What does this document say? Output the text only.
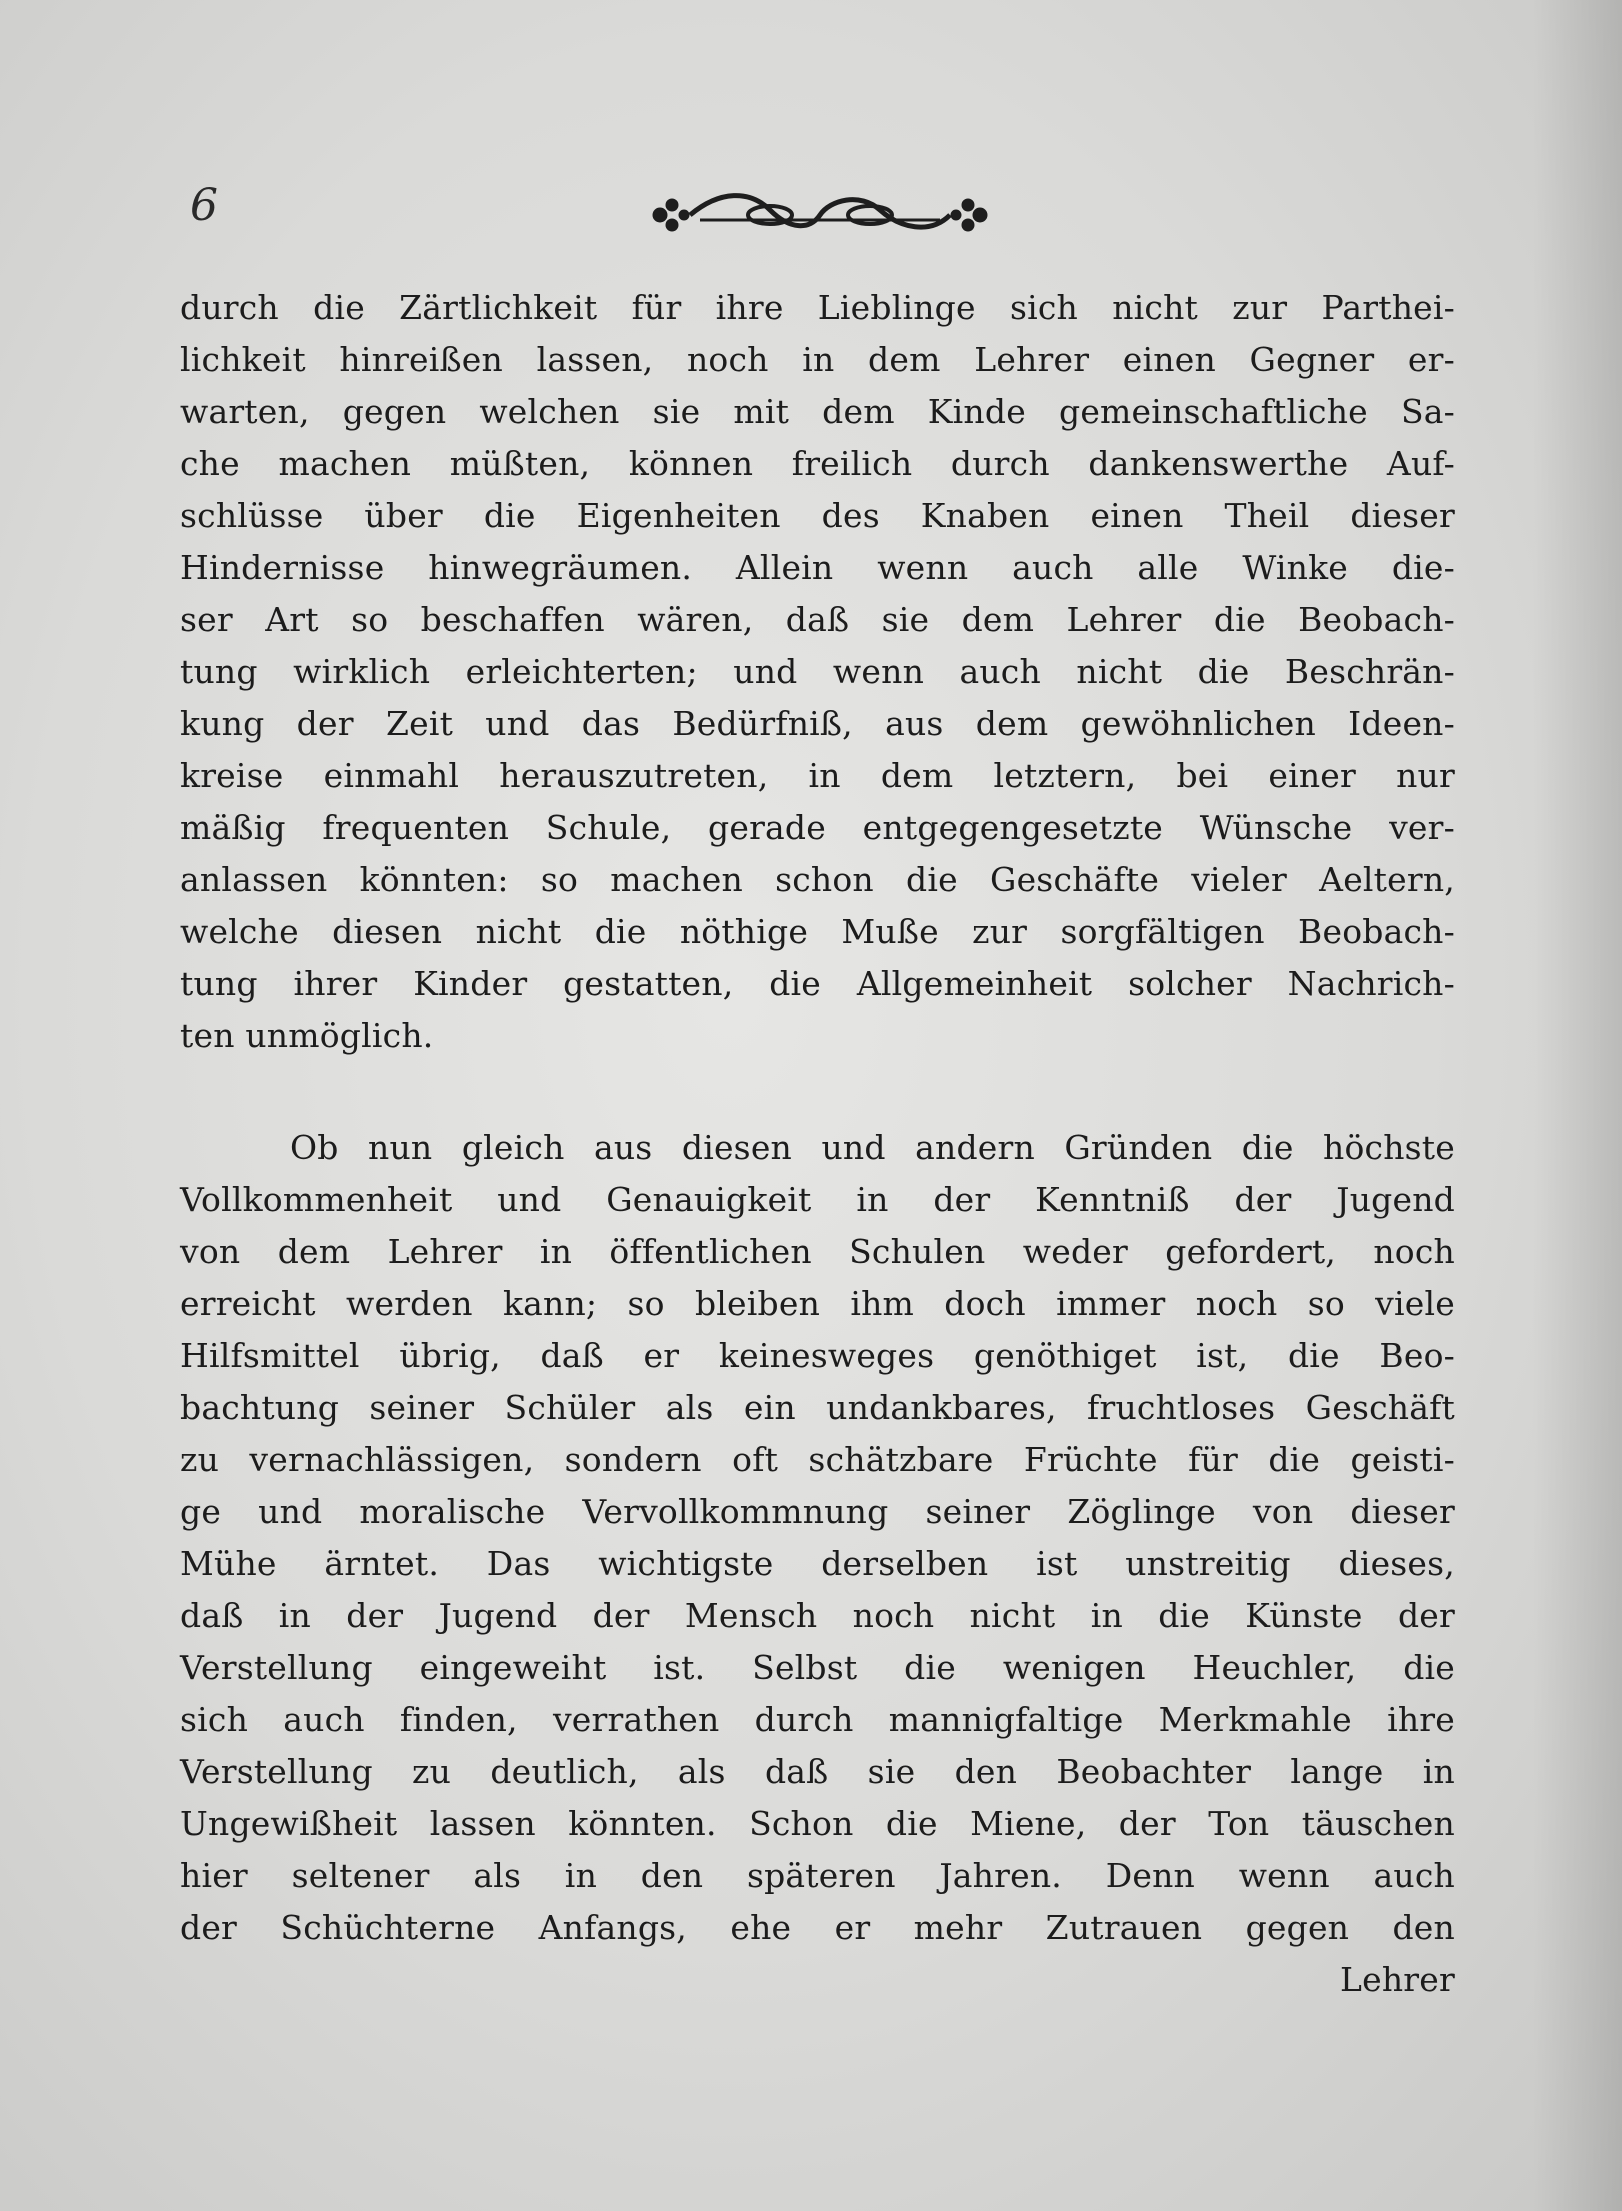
6
durch die Zärtlichkeit für ihre Lieblinge sich nicht zur Parthei-
lichkeit hinreißen lassen, noch in dem Lehrer einen Gegner er-
warten, gegen welchen sie mit dem Kinde gemeinschaftliche Sa-
che machen müßten, können freilich durch dankenswerthe Auf-
schlüsse über die Eigenheiten des Knaben einen Theil dieser
Hindernisse hinwegräumen. Allein wenn auch alle Winke die-
ser Art so beschaffen wären, daß sie dem Lehrer die Beobach-
tung wirklich erleichterten; und wenn auch nicht die Beschrän-
kung der Zeit und das Bedürfniß, aus dem gewöhnlichen Ideen-
kreise einmahl herauszutreten, in dem letztern, bei einer nur
mäßig frequenten Schule, gerade entgegengesetzte Wünsche ver-
anlassen könnten: so machen schon die Geschäfte vieler Aeltern,
welche diesen nicht die nöthige Muße zur sorgfältigen Beobach-
tung ihrer Kinder gestatten, die Allgemeinheit solcher Nachrich-
ten unmöglich.
Ob nun gleich aus diesen und andern Gründen die höchste
Vollkommenheit und Genauigkeit in der Kenntniß der Jugend
von dem Lehrer in öffentlichen Schulen weder gefordert, noch
erreicht werden kann; so bleiben ihm doch immer noch so viele
Hilfsmittel übrig, daß er keinesweges genöthiget ist, die Beo-
bachtung seiner Schüler als ein undankbares, fruchtloses Geschäft
zu vernachlässigen, sondern oft schätzbare Früchte für die geisti-
ge und moralische Vervollkommnung seiner Zöglinge von dieser
Mühe ärntet. Das wichtigste derselben ist unstreitig dieses,
daß in der Jugend der Mensch noch nicht in die Künste der
Verstellung eingeweiht ist. Selbst die wenigen Heuchler, die
sich auch finden, verrathen durch mannigfaltige Merkmahle ihre
Verstellung zu deutlich, als daß sie den Beobachter lange in
Ungewißheit lassen könnten. Schon die Miene, der Ton täuschen
hier seltener als in den späteren Jahren. Denn wenn auch
der Schüchterne Anfangs, ehe er mehr Zutrauen gegen den
Lehrer
